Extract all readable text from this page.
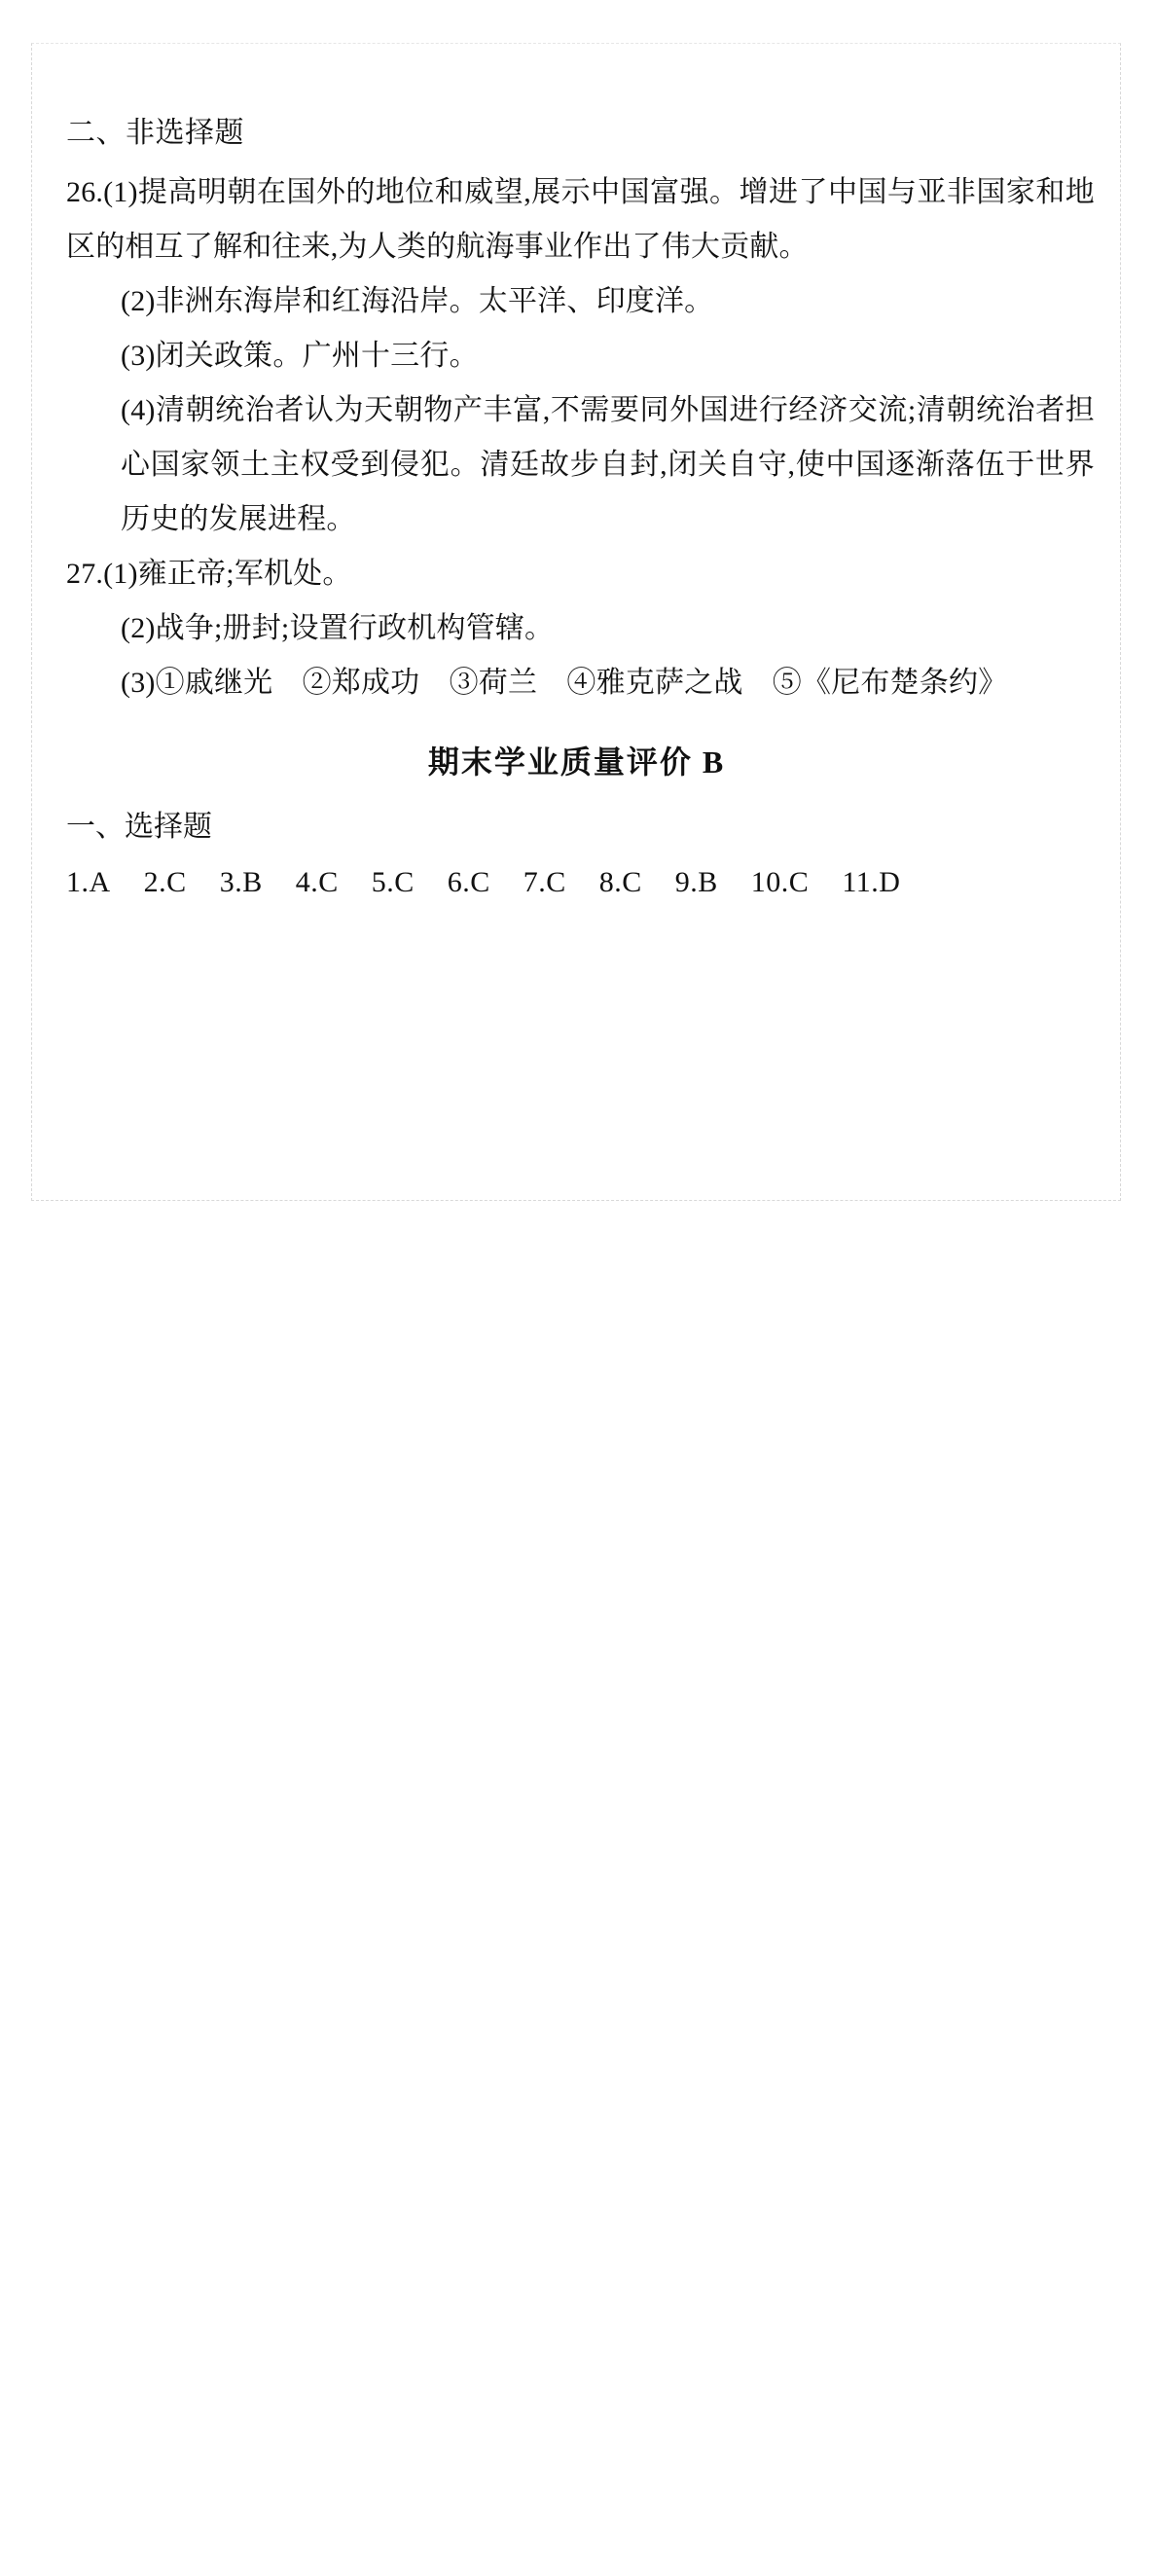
二、非选择题

26.(1)提高明朝在国外的地位和威望,展示中国富强。增进了中国与亚非国家和地区的相互了解和往来,为人类的航海事业作出了伟大贡献。

(2)非洲东海岸和红海沿岸。太平洋、印度洋。

(3)闭关政策。广州十三行。

(4)清朝统治者认为天朝物产丰富,不需要同外国进行经济交流;清朝统治者担心国家领土主权受到侵犯。清廷故步自封,闭关自守,使中国逐渐落伍于世界历史的发展进程。

27.(1)雍正帝;军机处。

(2)战争;册封;设置行政机构管辖。

(3)①戚继光　②郑成功　③荷兰　④雅克萨之战　⑤《尼布楚条约》

期末学业质量评价 B
一、选择题
1.A 2.C 3.B 4.C 5.C 6.C 7.C 8.C 9.B 10.C 11.D
